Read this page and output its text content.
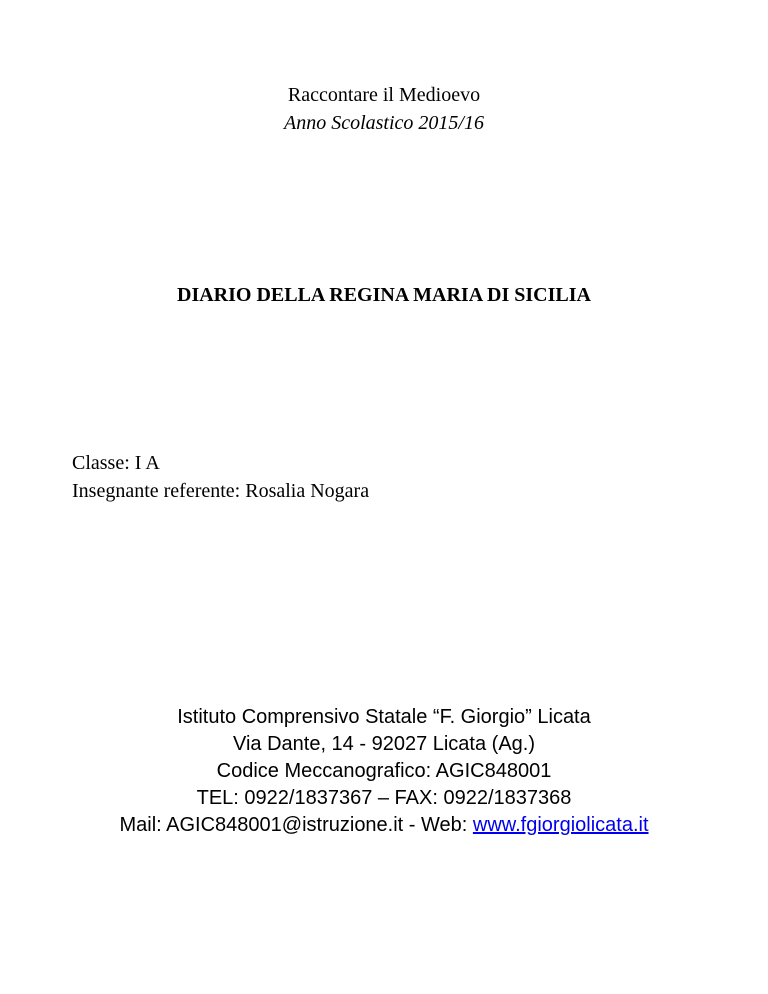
Raccontare il Medioevo
Anno Scolastico 2015/16
DIARIO DELLA REGINA MARIA DI SICILIA
Classe: I A
Insegnante referente: Rosalia Nogara
Istituto Comprensivo Statale “F. Giorgio” Licata
Via Dante, 14 - 92027 Licata (Ag.)
Codice Meccanografico: AGIC848001
TEL: 0922/1837367 – FAX: 0922/1837368
Mail: AGIC848001@istruzione.it - Web: www.fgiorgiolicata.it
